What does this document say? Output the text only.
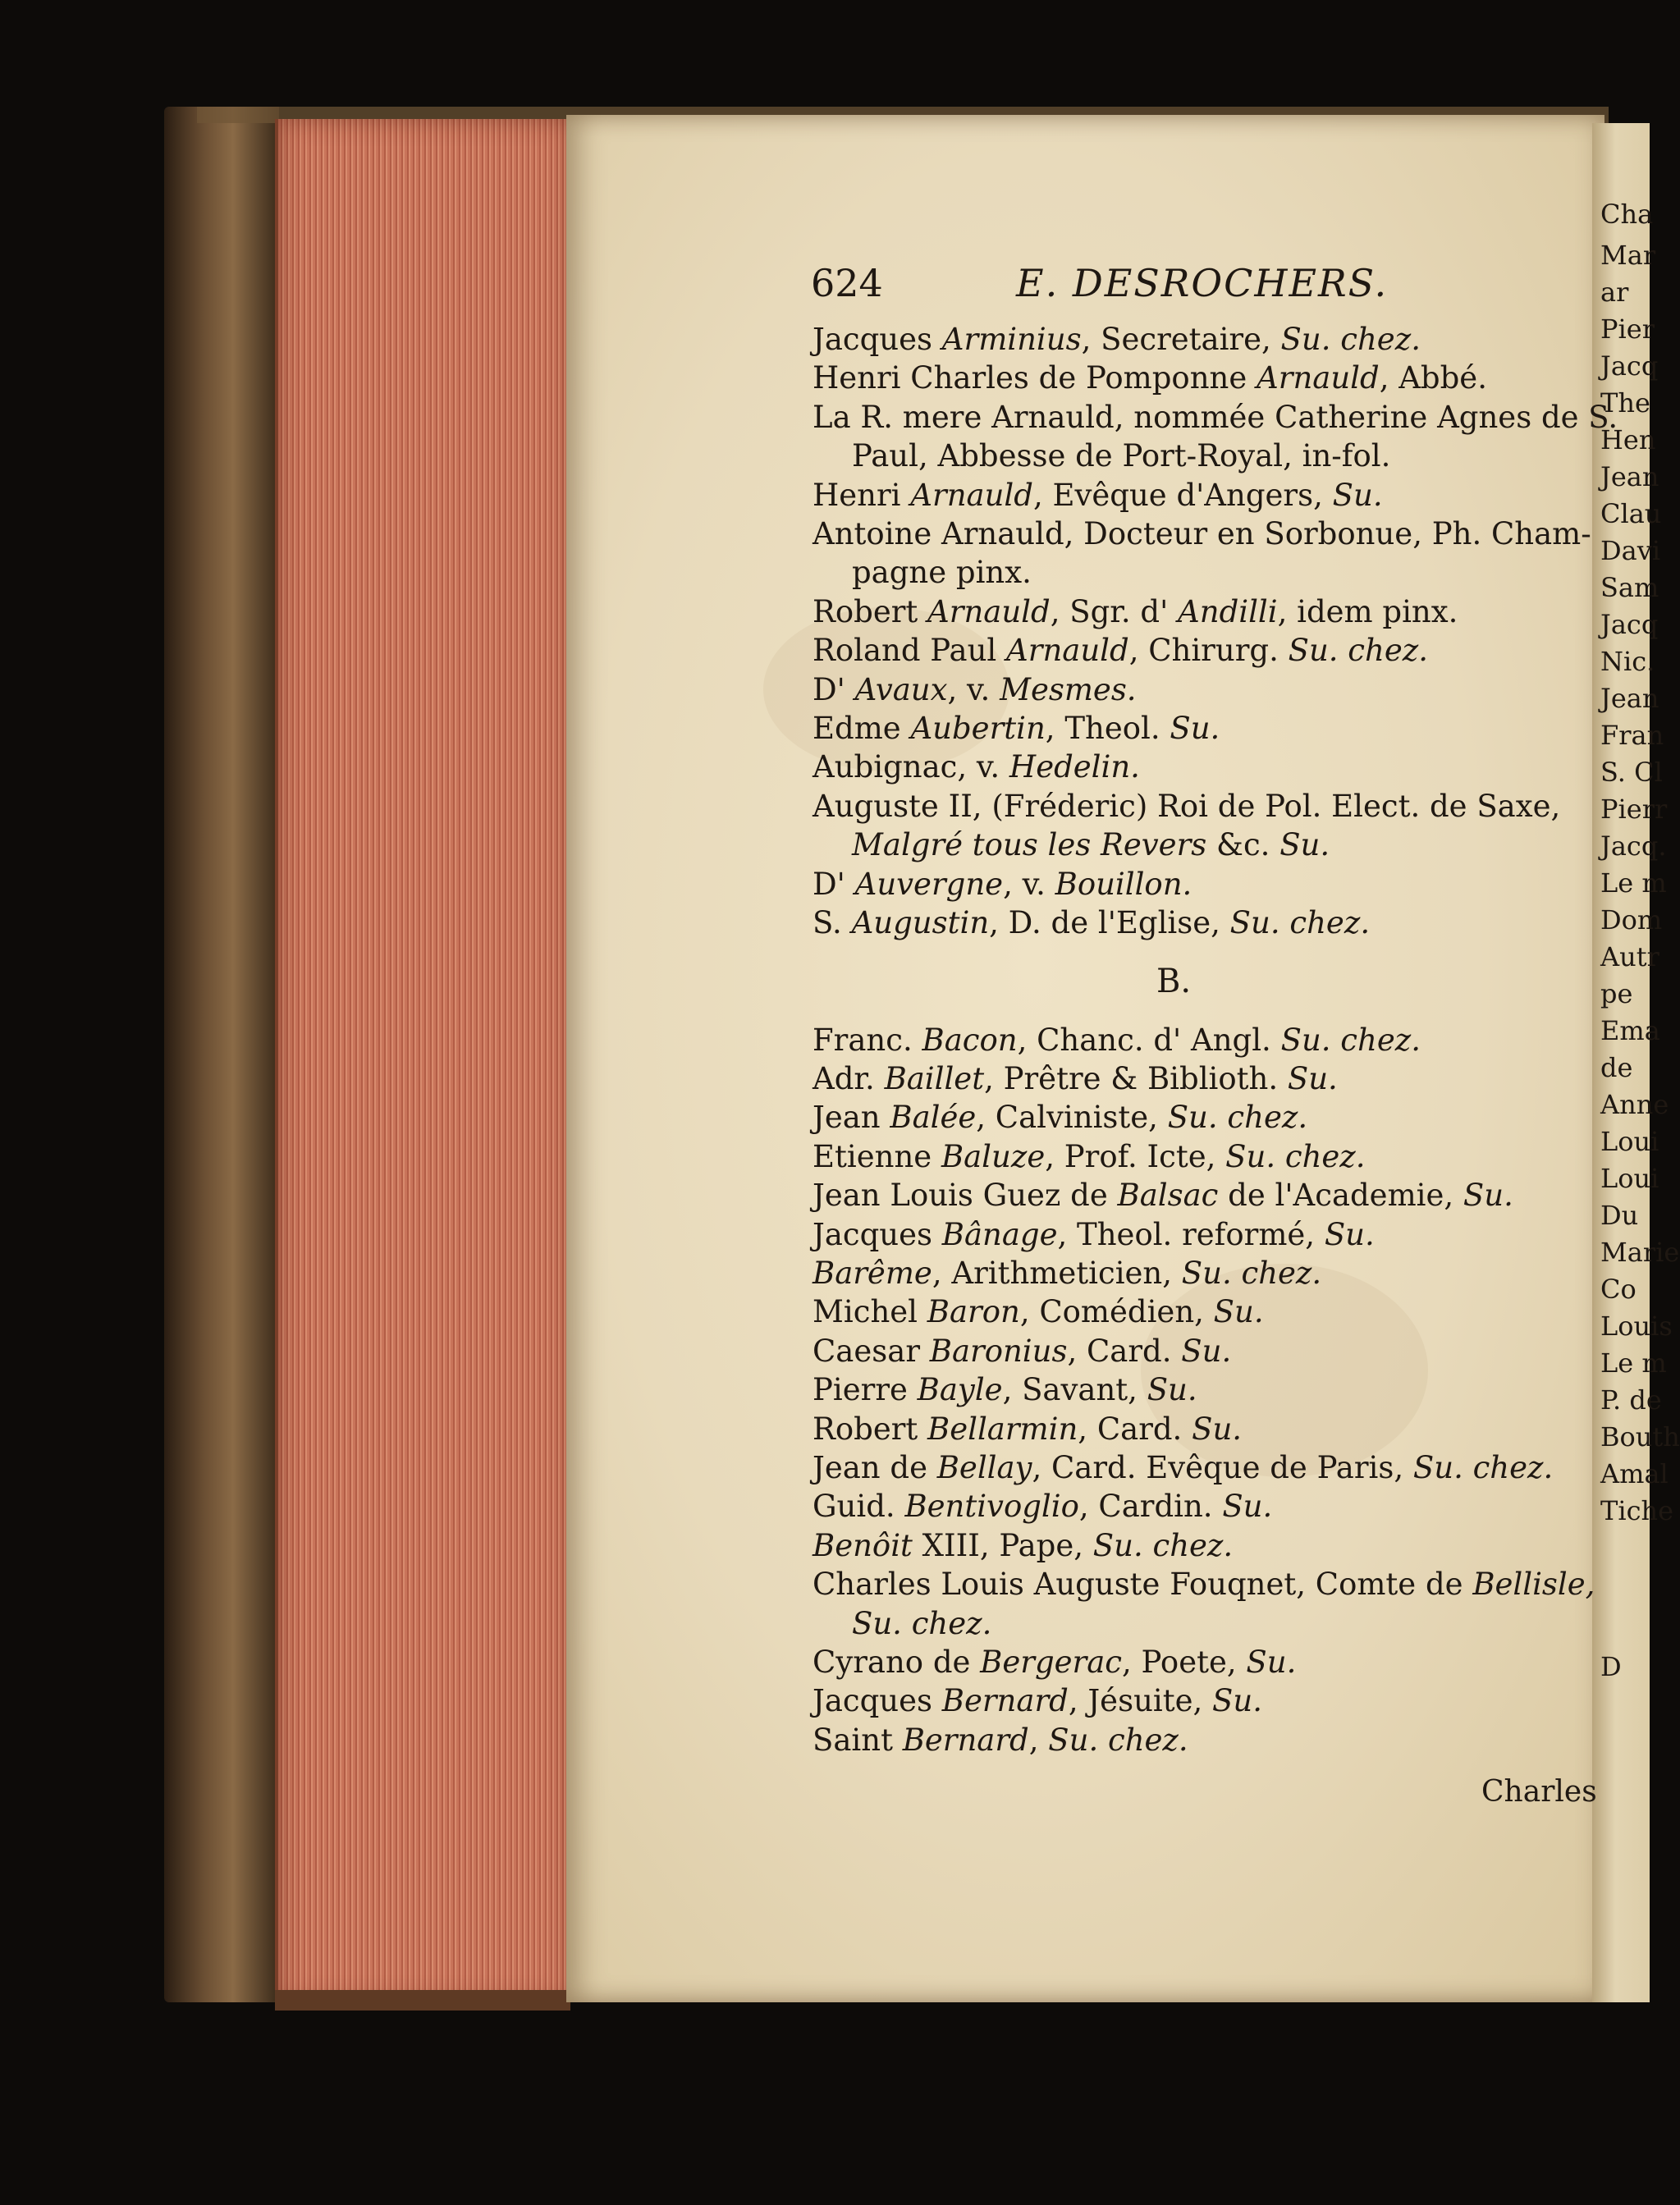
Cha
Mar
ar
Pier
Jacq
The
Hen
Jean
Clau
Davi
Sam
Jacq
Nic.
Jean
Fran
S. Cl
Pierr
Jacq.
Le m
Dom
Autr
pe
Ema
de
Anne
Loui
Loui
Du
Marie
Co
Louis
Le m
P. de
Bouth
Amal
Tiche
D
624	E. DESROCHERS.
Jacques Arminius, Secretaire, Su. chez.
Henri Charles de Pomponne Arnauld, Abbé.
La R. mere Arnauld, nommée Catherine Agnes de S.
Paul, Abbesse de Port-Royal, in-fol.
Henri Arnauld, Evêque d'Angers, Su.
Antoine Arnauld, Docteur en Sorbonue, Ph. Cham-
pagne pinx.
Robert Arnauld, Sgr. d' Andilli, idem pinx.
Roland Paul Arnauld, Chirurg. Su. chez.
D' Avaux, v. Mesmes.
Edme Aubertin, Theol. Su.
Aubignac, v. Hedelin.
Auguste II, (Fréderic) Roi de Pol. Elect. de Saxe,
Malgré tous les Revers &c. Su.
D' Auvergne, v. Bouillon.
S. Augustin, D. de l'Eglise, Su. chez.
B.
Franc. Bacon, Chanc. d' Angl. Su. chez.
Adr. Baillet, Prêtre & Biblioth. Su.
Jean Balée, Calviniste, Su. chez.
Etienne Baluze, Prof. Icte, Su. chez.
Jean Louis Guez de Balsac de l'Academie, Su.
Jacques Bânage, Theol. reformé, Su.
Barême, Arithmeticien, Su. chez.
Michel Baron, Comédien, Su.
Caesar Baronius, Card. Su.
Pierre Bayle, Savant, Su.
Robert Bellarmin, Card. Su.
Jean de Bellay, Card. Evêque de Paris, Su. chez.
Guid. Bentivoglio, Cardin. Su.
Benôit XIII, Pape, Su. chez.
Charles Louis Auguste Fouqnet, Comte de Bellisle,
Su. chez.
Cyrano de Bergerac, Poete, Su.
Jacques Bernard, Jésuite, Su.
Saint Bernard, Su. chez.
Charles
